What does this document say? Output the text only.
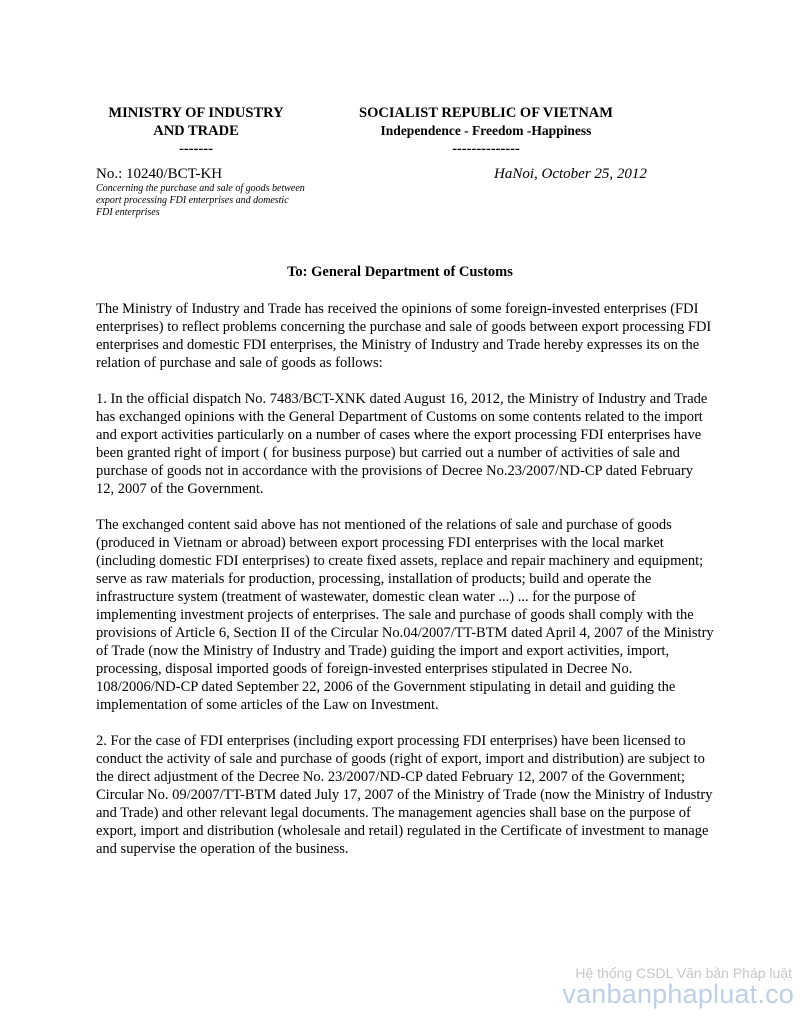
MINISTRY OF INDUSTRY
AND TRADE
-------
SOCIALIST REPUBLIC OF VIETNAM
Independence - Freedom -Happiness
--------------
No.: 10240/BCT-KH	HaNoi, October 25, 2012
Concerning the purchase and sale of goods between export processing FDI enterprises and domestic FDI enterprises
To: General Department of Customs

The Ministry of Industry and Trade has received the opinions of some foreign-invested enterprises (FDI enterprises) to reflect problems concerning the purchase and sale of goods between export processing FDI enterprises and domestic FDI enterprises, the Ministry of Industry and Trade hereby expresses its on the relation of purchase and sale of goods as follows:

1. In the official dispatch No. 7483/BCT-XNK dated August 16, 2012, the Ministry of Industry and Trade has exchanged opinions with the General Department of Customs on some contents related to the import and export activities particularly on a number of cases where the export processing FDI enterprises have been granted right of import ( for business purpose) but carried out a number of activities of sale and purchase of goods not in accordance with the provisions of Decree No.23/2007/ND-CP dated February 12, 2007 of the Government.

The exchanged content said above has not mentioned of the relations of sale and purchase of goods (produced in Vietnam or abroad) between export processing FDI enterprises with the local market (including domestic FDI enterprises) to create fixed assets, replace and repair machinery and equipment; serve as raw materials for production, processing, installation of products; build and operate the infrastructure system (treatment of wastewater, domestic clean water ...) ... for the purpose of implementing investment projects of enterprises. The sale and purchase of goods shall comply with the provisions of Article 6, Section II of the Circular No.04/2007/TT-BTM dated April 4, 2007 of the Ministry of Trade (now the Ministry of Industry and Trade) guiding the import and export activities, import, processing, disposal imported goods of foreign-invested enterprises stipulated in Decree No. 108/2006/ND-CP dated September 22, 2006 of the Government stipulating in detail and guiding the implementation of some articles of the Law on Investment.

2. For the case of FDI enterprises (including export processing FDI enterprises) have been licensed to conduct the activity of sale and purchase of goods (right of export, import and distribution) are subject to the direct adjustment of the Decree No. 23/2007/ND-CP dated February 12, 2007 of the Government; Circular No. 09/2007/TT-BTM dated July 17, 2007 of the Ministry of Trade (now the Ministry of Industry and Trade) and other relevant legal documents. The management agencies shall base on the purpose of export, import and distribution (wholesale and retail) regulated in the Certificate of investment to manage and supervise the operation of the business.

Hệ thống CSDL Văn bản Pháp luật
vanbanphapluat.co
